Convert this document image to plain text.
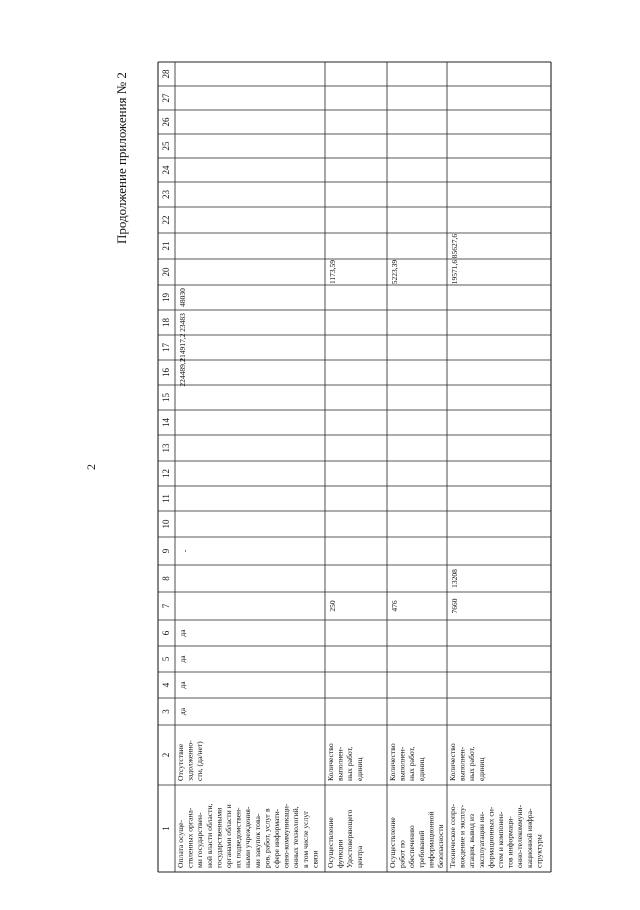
Продолжение приложения № 2
2
1
2
3
4
5
6
7
8
9
10
11
12
13
14
15
16
17
18
19
20
21
22
23
24
25
26
27
28
Оплата осуще- ствленных органа- ми государствен- ной власти области, государственными органами области и их подведомствен- ными учреждения- ми закупок това- ров, работ, услуг в сфере информати- онно-коммуникаци- онных технологий, в том числе услуг связи
Отсутствие задолженно- сти, (да/нет)
да
да
да
да
-
224489,2
214917,2
23483
48030
Осуществление функции Удостоверяющего центра
Количество выполнен- ных работ, единиц
250
1173,59
Осуществление работ по обеспечению требований информационной безопасности
Количество выполнен- ных работ, единиц
476
5223,39
Техническое сопро- вождение и эксплу- атация, вывод из эксплуатации ин- формационных си- стем и компонен- тов информаци- онно-телекоммуни- кационной инфра- структуры
Количество выполнен- ных работ, единиц
7660
13208
19571,6
85627,6
